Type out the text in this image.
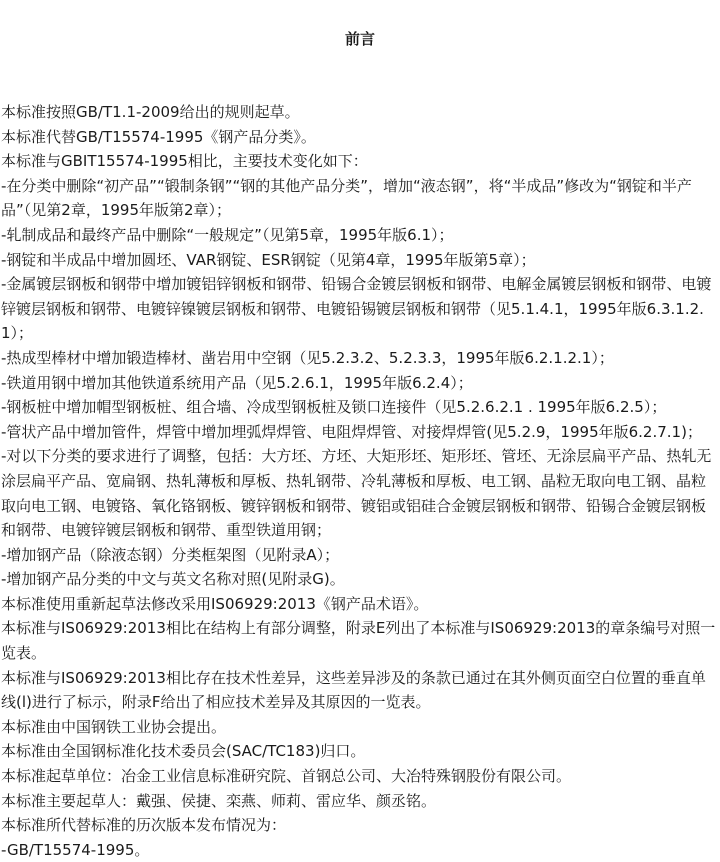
前言

本标准按照GB/T1.1-2009给出的规则起草。

本标准代替GB/T15574-1995《钢产品分类》。

本标准与GBIT15574-1995相比，主要技术变化如下：

-在分类中删除“初产品”“锻制条钢”“钢的其他产品分类”，增加“液态钢”，将“半成品”修改为“钢锭和半产品”（见第2章，1995年版第2章）；

-轧制成品和最终产品中删除“一般规定”（见第5章，1995年版6.1）；

-钢锭和半成品中增加圆坯、VAR钢锭、ESR钢锭（见第4章，1995年版第5章）；

-金属镀层钢板和钢带中增加镀铝锌钢板和钢带、铅锡合金镀层钢板和钢带、电解金属镀层钢板和钢带、电镀锌镀层钢板和钢带、电镀锌镍镀层钢板和钢带、电镀铅锡镀层钢板和钢带（见5.1.4.1，1995年版6.3.1.2.1）；

-热成型棒材中增加锻造棒材、凿岩用中空钢（见5.2.3.2、5.2.3.3，1995年版6.2.1.2.1）；

-铁道用钢中增加其他铁道系统用产品（见5.2.6.1，1995年版6.2.4）；

-钢板桩中增加帽型钢板桩、组合墙、冷成型钢板桩及锁口连接件（见5.2.6.2.1 . 1995年版6.2.5）；

-管状产品中增加管件，焊管中增加埋弧焊焊管、电阻焊焊管、对接焊焊管(见5.2.9，1995年版6.2.7.1)；

-对以下分类的要求进行了调整，包括：大方坯、方坯、大矩形坯、矩形坯、管坯、无涂层扁平产品、热轧无涂层扁平产品、宽扁钢、热轧薄板和厚板、热轧钢带、冷轧薄板和厚板、电工钢、晶粒无取向电工钢、晶粒取向电工钢、电镀铬、氧化铬钢板、镀锌钢板和钢带、镀铝或铝硅合金镀层钢板和钢带、铅锡合金镀层钢板和钢带、电镀锌镀层钢板和钢带、重型铁道用钢；

-增加钢产品（除液态钢）分类框架图（见附录A）；

-增加钢产品分类的中文与英文名称对照(见附录G)。

本标准使用重新起草法修改采用IS06929:2013《钢产品术语》。

本标准与IS06929:2013相比在结构上有部分调整，附录E列出了本标准与IS06929:2013的章条编号对照一览表。

本标准与IS06929:2013相比存在技术性差异，这些差异涉及的条款已通过在其外侧页面空白位置的垂直单线(l)进行了标示，附录F给出了相应技术差异及其原因的一览表。

本标准由中国钢铁工业协会提出。

本标准由全国钢标准化技术委员会(SAC/TC183)归口。

本标准起草单位：冶金工业信息标准研究院、首钢总公司、大冶特殊钢股份有限公司。

本标准主要起草人：戴强、侯捷、栾燕、师莉、雷应华、颜丞铭。

本标准所代替标准的历次版本发布情况为：

-GB/T15574-1995。
